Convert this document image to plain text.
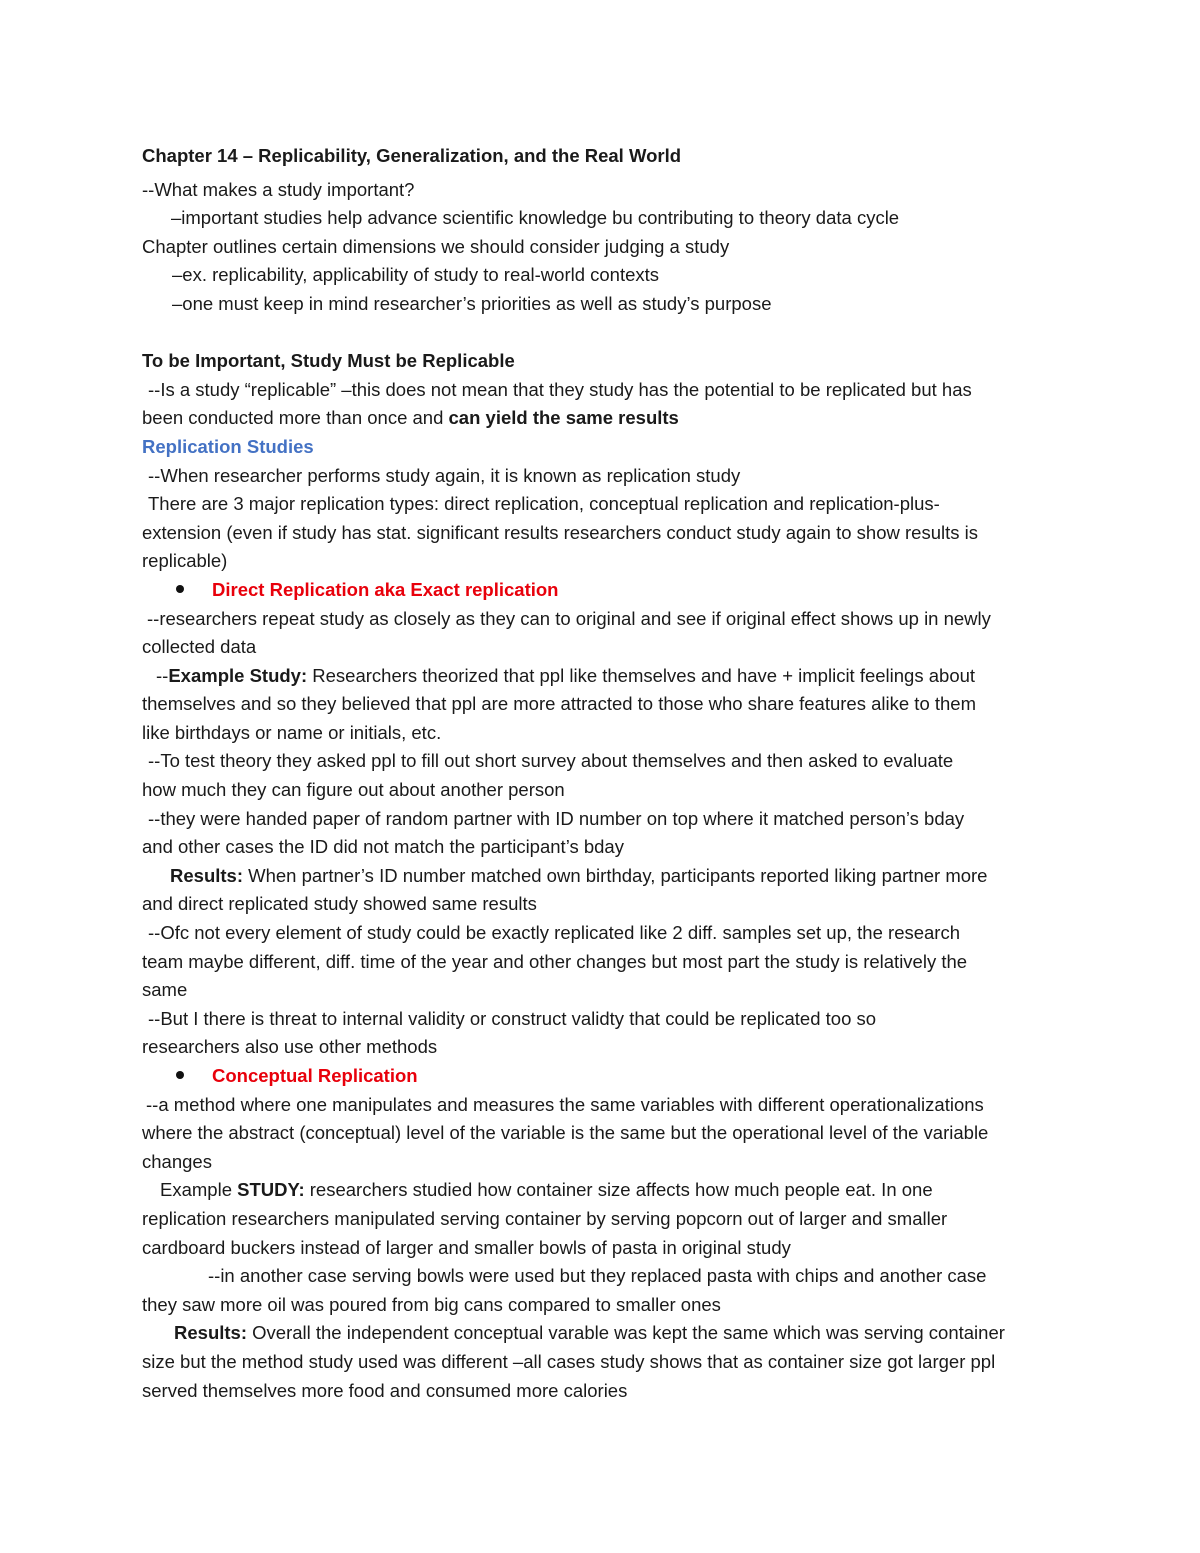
Chapter 14 – Replicability, Generalization, and the Real World
--What makes a study important?
–important studies help advance scientific knowledge bu contributing to theory data cycle
Chapter outlines certain dimensions we should consider judging a study
–ex. replicability, applicability of study to real-world contexts
–one must keep in mind researcher’s priorities as well as study’s purpose
To be Important, Study Must be Replicable
--Is a study “replicable” –this does not mean that they study has the potential to be replicated but has
been conducted more than once and can yield the same results
Replication Studies
--When researcher performs study again, it is known as replication study
There are 3 major replication types: direct replication, conceptual replication and replication-plus-
extension (even if study has stat. significant results researchers conduct study again to show results is
replicable)
Direct Replication aka Exact replication
--researchers repeat study as closely as they can to original and see if original effect shows up in newly
collected data
--Example Study: Researchers theorized that ppl like themselves and have + implicit feelings about
themselves and so they believed that ppl are more attracted to those who share features alike to them
like birthdays or name or initials, etc.
--To test theory they asked ppl to fill out short survey about themselves and then asked to evaluate
how much they can figure out about another person
--they were handed paper of random partner with ID number on top where it matched person’s bday
and other cases the ID did not match the participant’s bday
Results: When partner’s ID number matched own birthday, participants reported liking partner more
and direct replicated study showed same results
--Ofc not every element of study could be exactly replicated like 2 diff. samples set up, the research
team maybe different, diff. time of the year and other changes but most part the study is relatively the
same
--But I there is threat to internal validity or construct validty that could be replicated too so
researchers also use other methods
Conceptual Replication
--a method where one manipulates and measures the same variables with different operationalizations
where the abstract (conceptual) level of the variable is the same but the operational level of the variable
changes
Example STUDY: researchers studied how container size affects how much people eat. In one
replication researchers manipulated serving container by serving popcorn out of larger and smaller
cardboard buckers instead of larger and smaller bowls of pasta in original study
--in another case serving bowls were used but they replaced pasta with chips and another case
they saw more oil was poured from big cans compared to smaller ones
Results: Overall the independent conceptual varable was kept the same which was serving container
size but the method study used was different –all cases study shows that as container size got larger ppl
served themselves more food and consumed more calories
